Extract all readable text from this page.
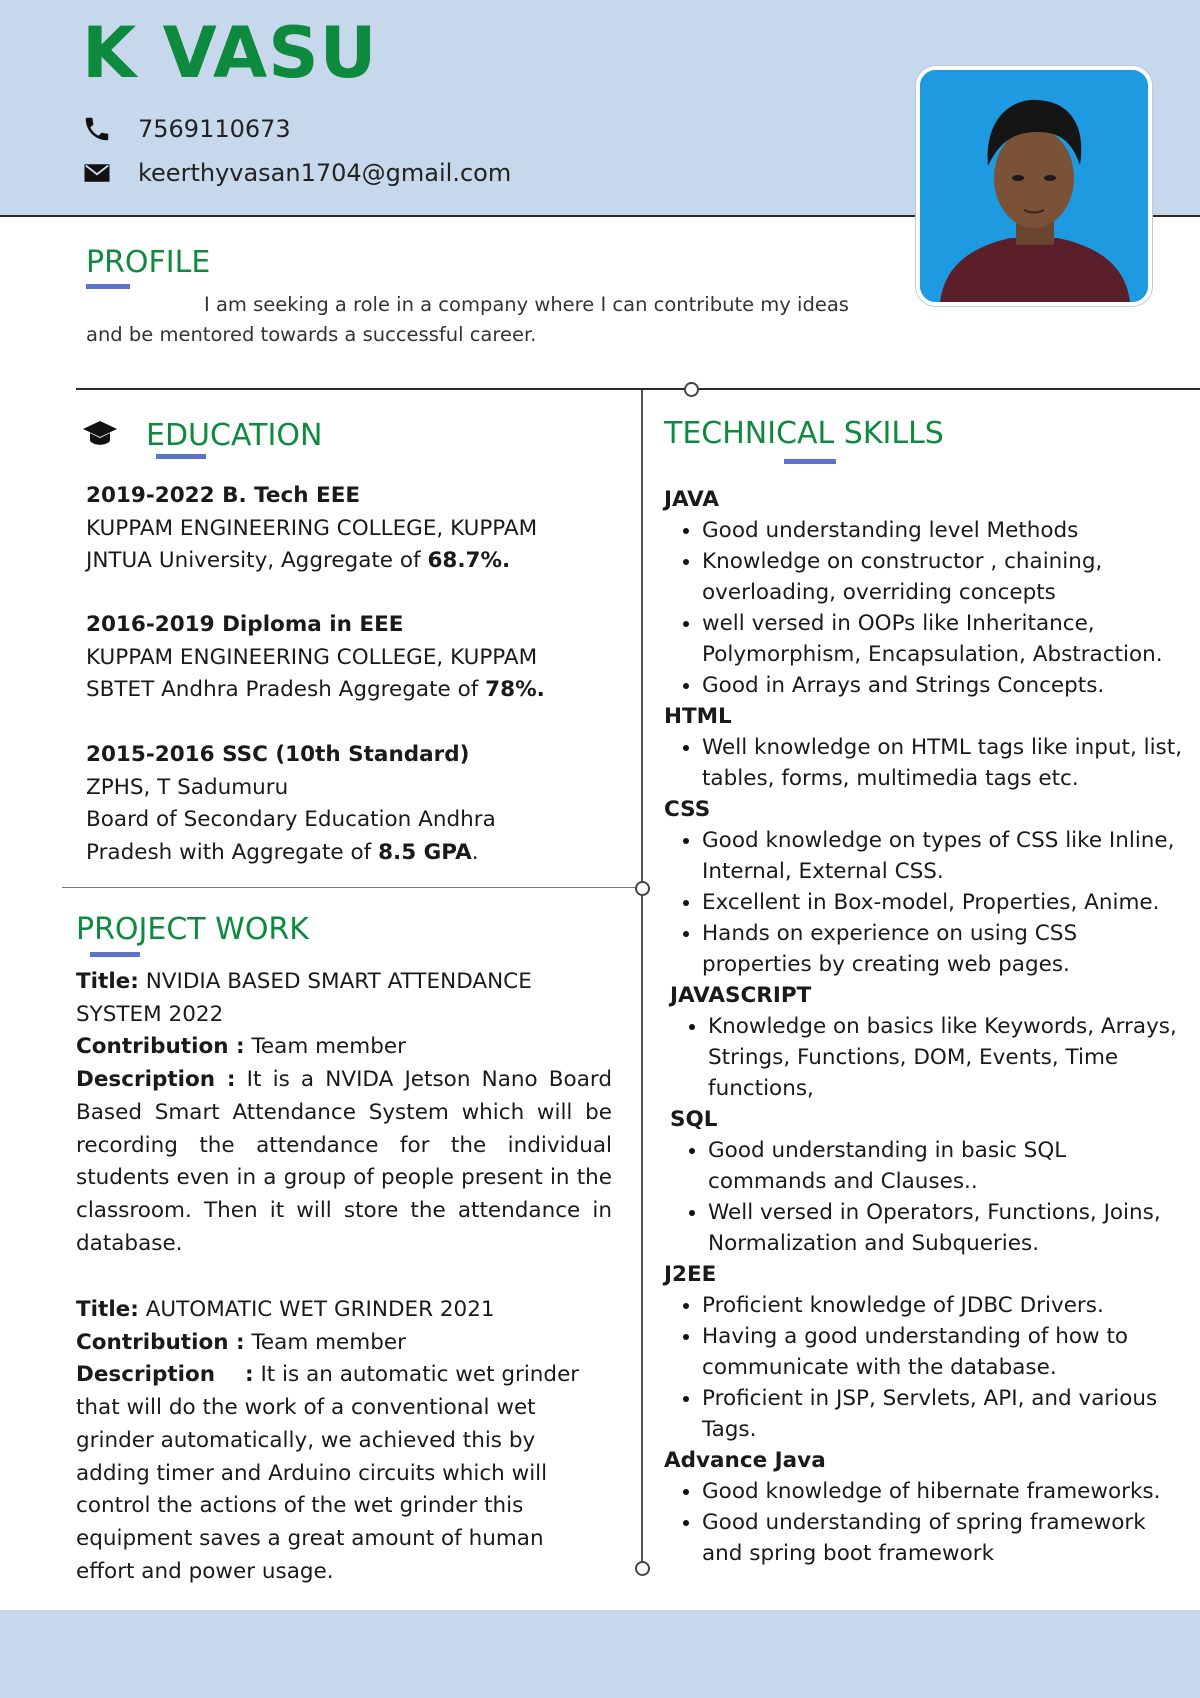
K VASU
7569110673
keerthyvasan1704@gmail.com
PROFILE

I am seeking a role in a company where I can contribute my ideas and be mentored towards a successful career.

EDUCATION
2019-2022 B. Tech EEE
KUPPAM ENGINEERING COLLEGE, KUPPAM
JNTUA University, Aggregate of 68.7%.
2016-2019 Diploma in EEE
KUPPAM ENGINEERING COLLEGE, KUPPAM
SBTET Andhra Pradesh Aggregate of 78%.
2015-2016 SSC (10th Standard)
ZPHS, T Sadumuru
Board of Secondary Education Andhra Pradesh with Aggregate of 8.5 GPA.
PROJECT WORK
Title: NVIDIA BASED SMART ATTENDANCE SYSTEM 2022
Contribution : Team member
Description : It is a NVIDA Jetson Nano Board Based Smart Attendance System which will be recording the attendance for the individual students even in a group of people present in the classroom. Then it will store the attendance in database.
Title: AUTOMATIC WET GRINDER 2021
Contribution : Team member
Description    : It is an automatic wet grinder that will do the work of a conventional wet grinder automatically, we achieved this by adding timer and Arduino circuits which will control the actions of the wet grinder this equipment saves a great amount of human effort and power usage.
TECHNICAL SKILLS
JAVA
Good understanding level Methods
Knowledge on constructor , chaining, overloading, overriding concepts
well versed in OOPs like Inheritance, Polymorphism, Encapsulation, Abstraction.
Good in Arrays and Strings Concepts.
HTML
Well knowledge on HTML tags like input, list, tables, forms, multimedia tags etc.
CSS
Good knowledge on types of CSS like Inline, Internal, External CSS.
Excellent in Box-model, Properties, Anime.
Hands on experience on using CSS properties by creating web pages.
JAVASCRIPT
Knowledge on basics like Keywords, Arrays, Strings, Functions, DOM, Events, Time functions,
SQL
Good understanding in basic SQL commands and Clauses..
Well versed in Operators, Functions, Joins, Normalization and Subqueries.
J2EE
Proficient knowledge of JDBC Drivers.
Having a good understanding of how to communicate with the database.
Proficient in JSP, Servlets, API, and various Tags.
Advance Java
Good knowledge of hibernate frameworks.
Good understanding of spring framework and spring boot framework
